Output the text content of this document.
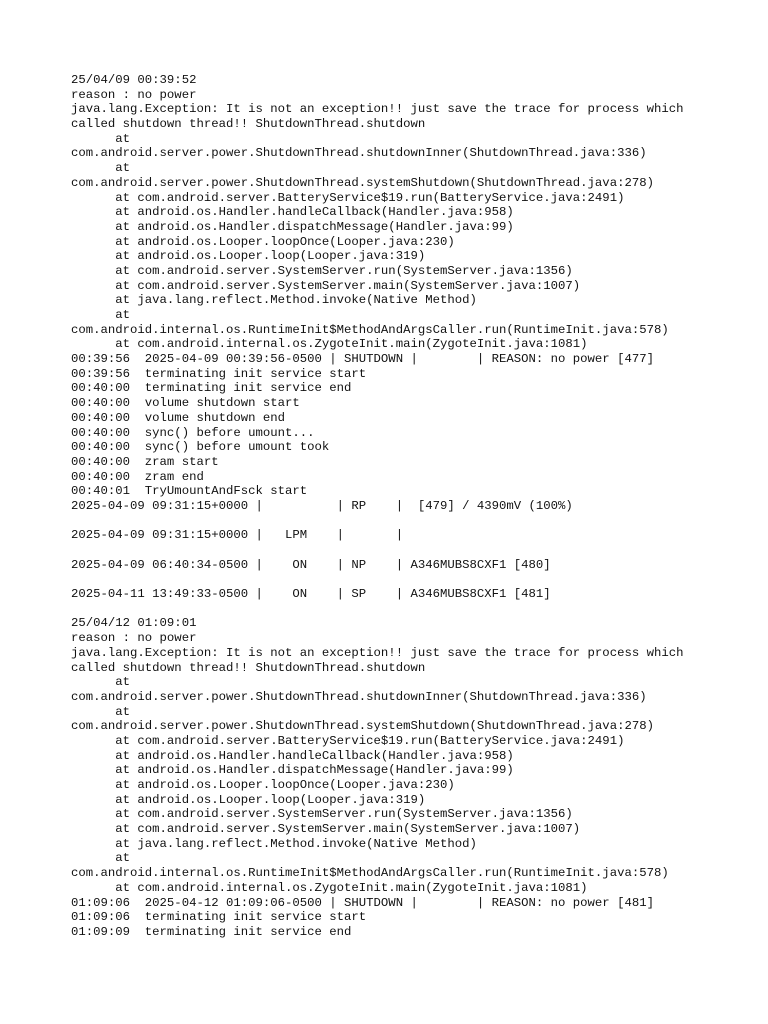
25/04/09 00:39:52
reason : no power
java.lang.Exception: It is not an exception!! just save the trace for process which
called shutdown thread!! ShutdownThread.shutdown
at
com.android.server.power.ShutdownThread.shutdownInner(ShutdownThread.java:336)
at
com.android.server.power.ShutdownThread.systemShutdown(ShutdownThread.java:278)
at com.android.server.BatteryService$19.run(BatteryService.java:2491)
at android.os.Handler.handleCallback(Handler.java:958)
at android.os.Handler.dispatchMessage(Handler.java:99)
at android.os.Looper.loopOnce(Looper.java:230)
at android.os.Looper.loop(Looper.java:319)
at com.android.server.SystemServer.run(SystemServer.java:1356)
at com.android.server.SystemServer.main(SystemServer.java:1007)
at java.lang.reflect.Method.invoke(Native Method)
at
com.android.internal.os.RuntimeInit$MethodAndArgsCaller.run(RuntimeInit.java:578)
at com.android.internal.os.ZygoteInit.main(ZygoteInit.java:1081)
00:39:56  2025-04-09 00:39:56-0500 | SHUTDOWN |        | REASON: no power [477]
00:39:56  terminating init service start
00:40:00  terminating init service end
00:40:00  volume shutdown start
00:40:00  volume shutdown end
00:40:00  sync() before umount...
00:40:00  sync() before umount took
00:40:00  zram start
00:40:00  zram end
00:40:01  TryUmountAndFsck start
2025-04-09 09:31:15+0000 |          | RP    |  [479] / 4390mV (100%)
2025-04-09 09:31:15+0000 |   LPM    |       |
2025-04-09 06:40:34-0500 |    ON    | NP    | A346MUBS8CXF1 [480]
2025-04-11 13:49:33-0500 |    ON    | SP    | A346MUBS8CXF1 [481]
25/04/12 01:09:01
reason : no power
java.lang.Exception: It is not an exception!! just save the trace for process which
called shutdown thread!! ShutdownThread.shutdown
at
com.android.server.power.ShutdownThread.shutdownInner(ShutdownThread.java:336)
at
com.android.server.power.ShutdownThread.systemShutdown(ShutdownThread.java:278)
at com.android.server.BatteryService$19.run(BatteryService.java:2491)
at android.os.Handler.handleCallback(Handler.java:958)
at android.os.Handler.dispatchMessage(Handler.java:99)
at android.os.Looper.loopOnce(Looper.java:230)
at android.os.Looper.loop(Looper.java:319)
at com.android.server.SystemServer.run(SystemServer.java:1356)
at com.android.server.SystemServer.main(SystemServer.java:1007)
at java.lang.reflect.Method.invoke(Native Method)
at
com.android.internal.os.RuntimeInit$MethodAndArgsCaller.run(RuntimeInit.java:578)
at com.android.internal.os.ZygoteInit.main(ZygoteInit.java:1081)
01:09:06  2025-04-12 01:09:06-0500 | SHUTDOWN |        | REASON: no power [481]
01:09:06  terminating init service start
01:09:09  terminating init service end
